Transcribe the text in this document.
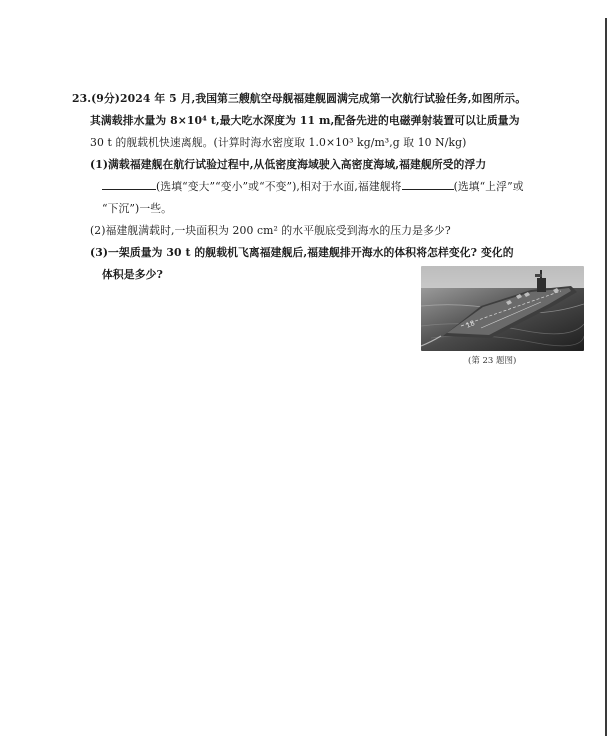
23.(9分)2024 年 5 月,我国第三艘航空母舰福建舰圆满完成第一次航行试验任务,如图所示。
其满载排水量为 8×10⁴ t,最大吃水深度为 11 m,配备先进的电磁弹射装置可以让质量为
30 t 的舰载机快速离舰。(计算时海水密度取 1.0×10³ kg/m³,g 取 10 N/kg)
(1)满载福建舰在航行试验过程中,从低密度海域驶入高密度海域,福建舰所受的浮力
(选填“变大”“变小”或“不变”),相对于水面,福建舰将	(选填“上浮”或
“下沉”)一些。
(2)福建舰满载时,一块面积为 200 cm² 的水平舰底受到海水的压力是多少?
(3)一架质量为 30 t 的舰载机飞离福建舰后,福建舰排开海水的体积将怎样变化? 变化的
体积是多少?
18
(第 23 题图)
